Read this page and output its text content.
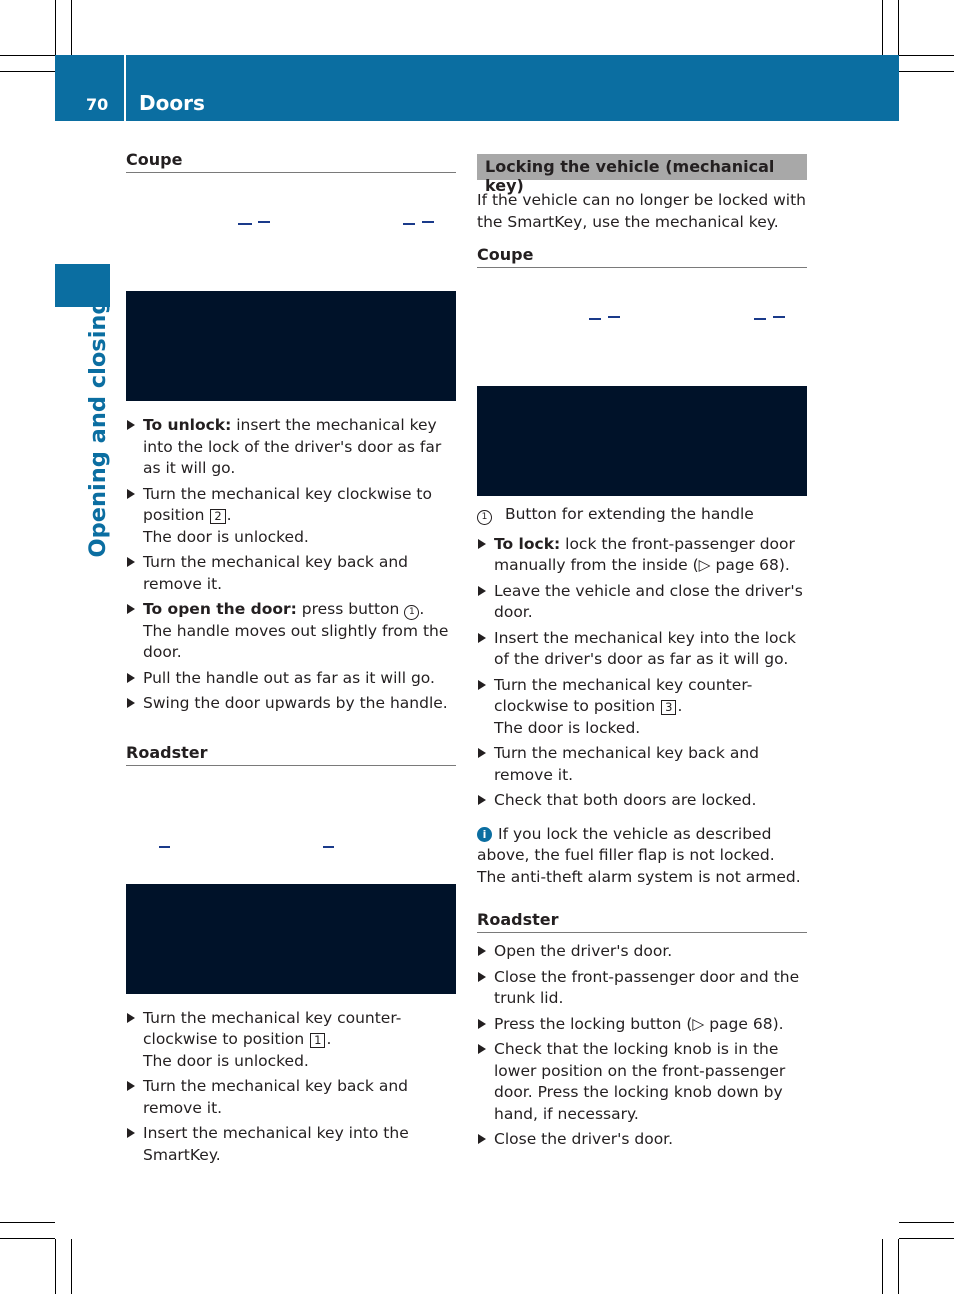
70 Doors
Opening and closing
Coupe
To unlock: insert the mechanical key into the lock of the driver's door as far as it will go.
Turn the mechanical key clockwise to position 2 .
The door is unlocked.
Turn the mechanical key back and remove it.
To open the door: press button 1 .
The handle moves out slightly from the door.
Pull the handle out as far as it will go.
Swing the door upwards by the handle.
Roadster
Turn the mechanical key counter-clockwise to position 1 .
The door is unlocked.
Turn the mechanical key back and remove it.
Insert the mechanical key into the SmartKey.
Locking the vehicle (mechanical key)

If the vehicle can no longer be locked with the SmartKey, use the mechanical key.

Coupe

1 Button for extending the handle

To lock: lock the front-passenger door manually from the inside (▷ page 68).
Leave the vehicle and close the driver's door.
Insert the mechanical key into the lock of the driver's door as far as it will go.
Turn the mechanical key counter-clockwise to position 3 .
The door is locked.
Turn the mechanical key back and remove it.
Check that both doors are locked.

i If you lock the vehicle as described above, the fuel filler flap is not locked. The anti-theft alarm system is not armed.

Roadster
Open the driver's door.
Close the front-passenger door and the trunk lid.
Press the locking button (▷ page 68).
Check that the locking knob is in the lower position on the front-passenger door. Press the locking knob down by hand, if necessary.
Close the driver's door.
